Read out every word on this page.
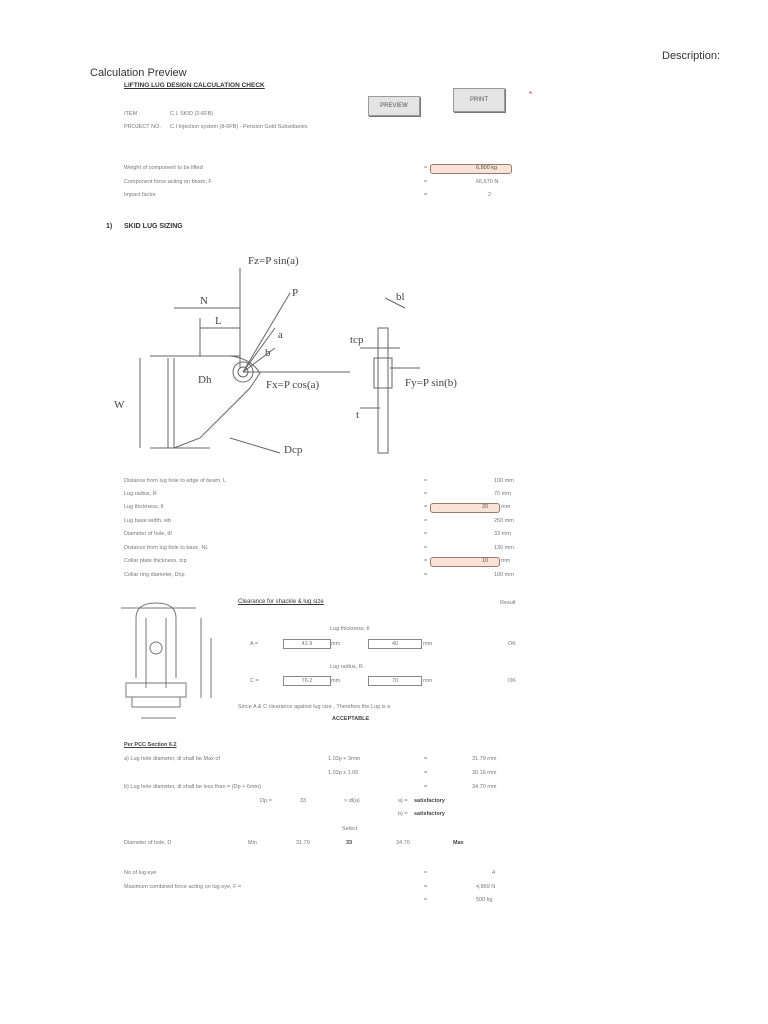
Description:
Calculation Preview
LIFTING LUG DESIGN CALCULATION CHECK
PREVIEW
PRINT
*
ITEM :	C.I. SKID (2-6FB)
PROJECT NO. C.I Injection system (8-6FB) - Pension Gold Subsidiaries
Weight of component to be lifted	=	6,800 kg
Component force acting on beam, F	=	66,670 N
Impact factor	=	2
1) SKID LUG SIZING
Fz=P sin(a)
Fx=P cos(a)	Fy=P sin(b)
P
N
L
a
b
Dh
W
t
tcp
Dcp
bl
Distance from lug hole to edge of beam, L	=	100 mm
Lug radius, R	=	70 mm
Lug thickness, tl	=	20 mm
Lug base width, wb	=	250 mm
Diameter of hole, dl	=	33 mm
Distance from lug hole to base, NL	=	130 mm
Collar plate thickness, tcp	=	10 mm
Collar ring diameter, Dcp	=	100 mm
Clearance for shackle & lug size	Result
Lug thickness, tl
A =	42.9	mm	40	mm	OK
Lug radius, R
C =	76.2	mm	70	mm	OK
Since A & C clearance against lug size , Therefore the Lug is a
ACCEPTABLE
Per PCC Section 6.2
a) Lug hole diameter, dl shall be Max of	1.03p + 3mm	=	31.79 mm
1.03p x 1.05	=	30.16 mm
b) Lug hole diameter, dl shall be less than = (Dp + 6mm)	=	34.70 mm
Dp =	33	> dl(a)	a) = satisfactory
b) = satisfactory
Select
Diameter of hole, D	Min	31.79	33	34.70	Max
No of lug eye	=	4
Maximum combined force acting on lug eye, F =	=	4,869 N
=	500 kg
